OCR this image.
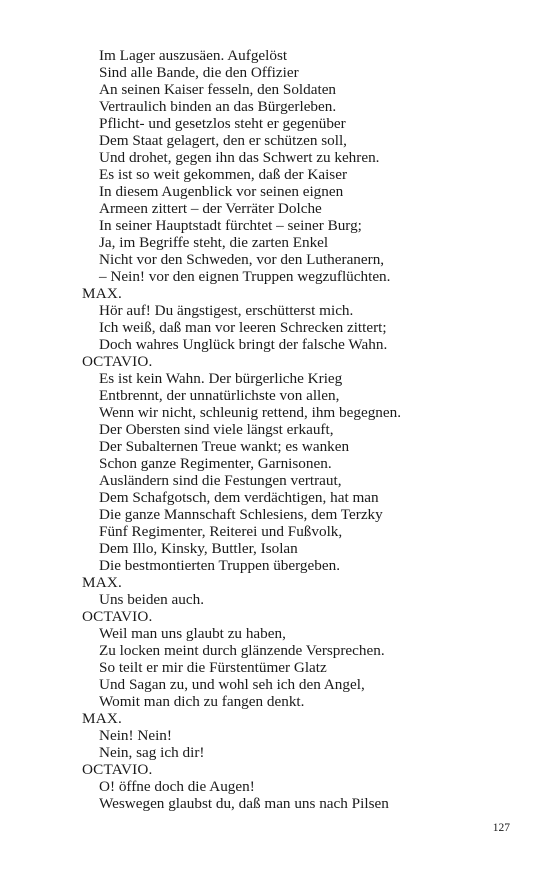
Im Lager auszusäen. Aufgelöst
Sind alle Bande, die den Offizier
An seinen Kaiser fesseln, den Soldaten
Vertraulich binden an das Bürgerleben.
Pflicht- und gesetzlos steht er gegenüber
Dem Staat gelagert, den er schützen soll,
Und drohet, gegen ihn das Schwert zu kehren.
Es ist so weit gekommen, daß der Kaiser
In diesem Augenblick vor seinen eignen
Armeen zittert – der Verräter Dolche
In seiner Hauptstadt fürchtet – seiner Burg;
Ja, im Begriffe steht, die zarten Enkel
Nicht vor den Schweden, vor den Lutheranern,
– Nein! vor den eignen Truppen wegzuflüchten.
MAX.
Hör auf! Du ängstigest, erschütterst mich.
Ich weiß, daß man vor leeren Schrecken zittert;
Doch wahres Unglück bringt der falsche Wahn.
OCTAVIO.
Es ist kein Wahn. Der bürgerliche Krieg
Entbrennt, der unnatürlichste von allen,
Wenn wir nicht, schleunig rettend, ihm begegnen.
Der Obersten sind viele längst erkauft,
Der Subalternen Treue wankt; es wanken
Schon ganze Regimenter, Garnisonen.
Ausländern sind die Festungen vertraut,
Dem Schafgotsch, dem verdächtigen, hat man
Die ganze Mannschaft Schlesiens, dem Terzky
Fünf Regimenter, Reiterei und Fußvolk,
Dem Illo, Kinsky, Buttler, Isolan
Die bestmontierten Truppen übergeben.
MAX.
Uns beiden auch.
OCTAVIO.
Weil man uns glaubt zu haben,
Zu locken meint durch glänzende Versprechen.
So teilt er mir die Fürstentümer Glatz
Und Sagan zu, und wohl seh ich den Angel,
Womit man dich zu fangen denkt.
MAX.
Nein! Nein!
Nein, sag ich dir!
OCTAVIO.
O! öffne doch die Augen!
Weswegen glaubst du, daß man uns nach Pilsen
127
